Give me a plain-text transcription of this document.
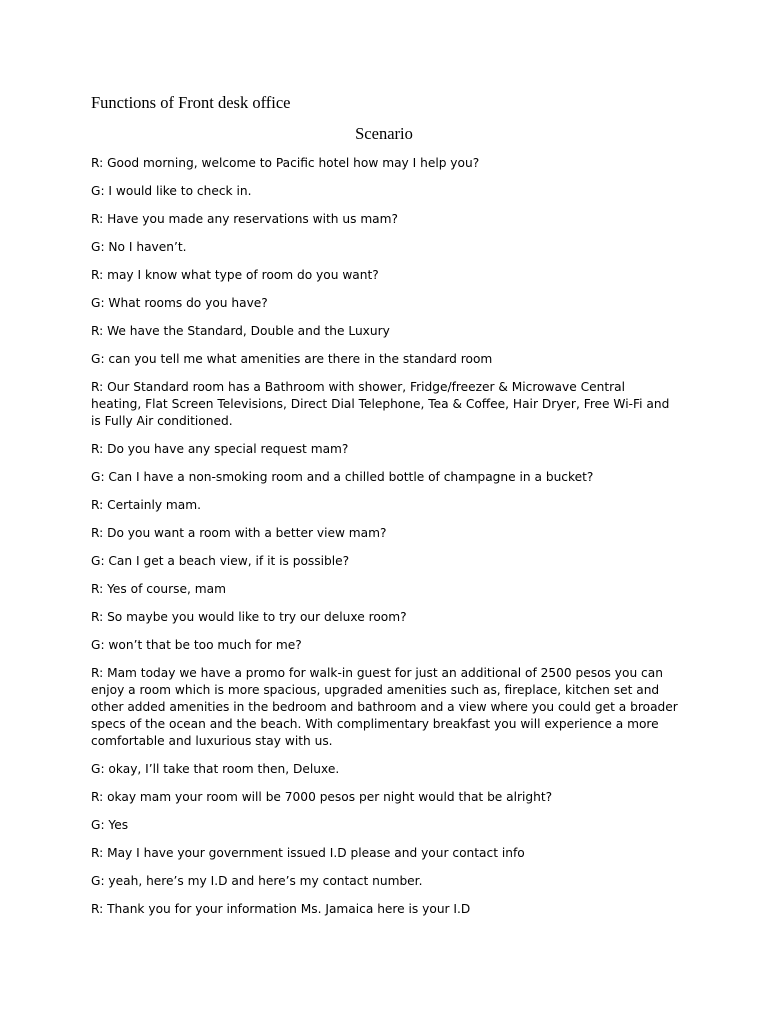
Functions of Front desk office
Scenario
R: Good morning, welcome to Pacific hotel how may I help you?
G: I would like to check in.
R: Have you made any reservations with us mam?
G: No I haven’t.
R: may I know what type of room do you want?
G: What rooms do you have?
R: We have the Standard, Double and the Luxury
G: can you tell me what amenities are there in the standard room
R: Our Standard room has a Bathroom with shower, Fridge/freezer & Microwave Central heating, Flat Screen Televisions, Direct Dial Telephone, Tea & Coffee, Hair Dryer, Free Wi-Fi and is Fully Air conditioned.
R: Do you have any special request mam?
G: Can I have a non-smoking room and a chilled bottle of champagne in a bucket?
R: Certainly mam.
R: Do you want a room with a better view mam?
G: Can I get a beach view, if it is possible?
R: Yes of course, mam
R: So maybe you would like to try our deluxe room?
G: won’t that be too much for me?
R: Mam today we have a promo for walk-in guest for just an additional of 2500 pesos you can enjoy a room which is more spacious, upgraded amenities such as, fireplace, kitchen set and other added amenities in the bedroom and bathroom and a view where you could get a broader specs of the ocean and the beach. With complimentary breakfast you will experience a more comfortable and luxurious stay with us.
G: okay, I’ll take that room then, Deluxe.
R: okay mam your room will be 7000 pesos per night would that be alright?
G: Yes
R: May I have your government issued I.D please and your contact info
G: yeah, here’s my I.D and here’s my contact number.
R: Thank you for your information Ms. Jamaica here is your I.D
